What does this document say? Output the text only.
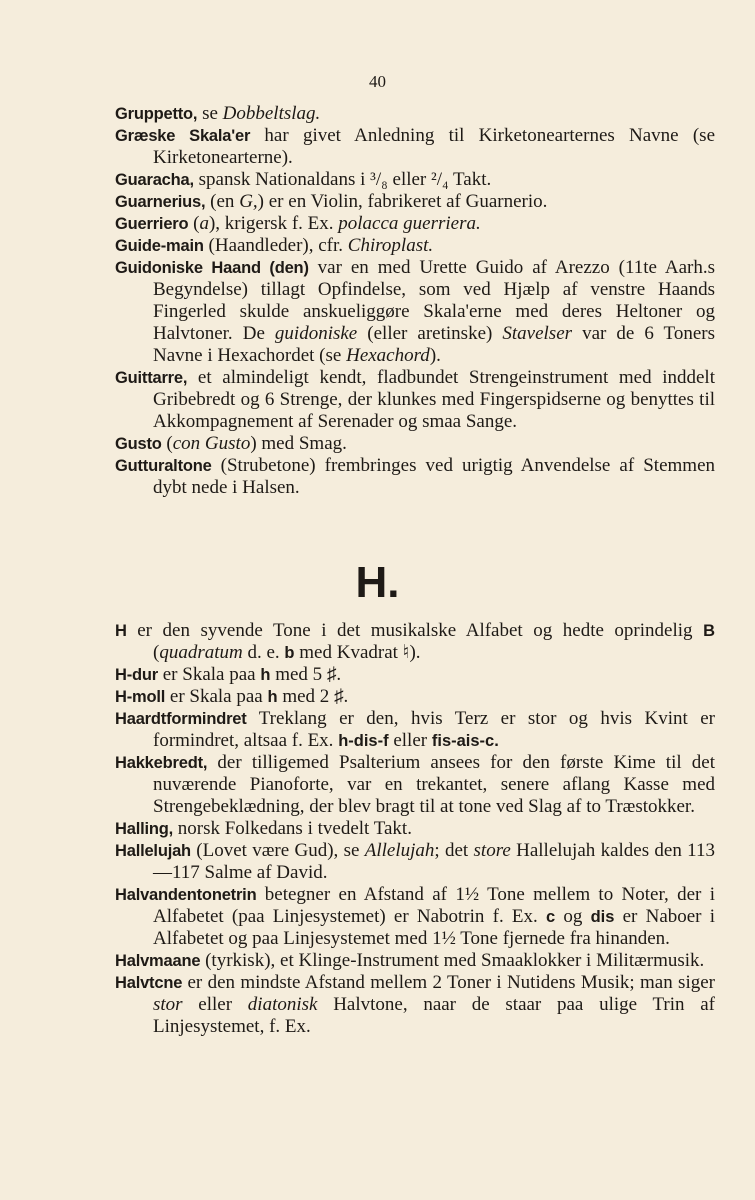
40

Gruppetto, se Dobbeltslag.

Græske Skala'er har givet Anledning til Kirketonearternes Navne (se Kirketonearterne).

Guaracha, spansk Nationaldans i ³/₈ eller ²/₄ Takt.

Guarnerius, (en G,) er en Violin, fabrikeret af Guarnerio.

Guerriero (a), krigersk f. Ex. polacca guerriera.

Guide-main (Haandleder), cfr. Chiroplast.

Guidoniske Haand (den) var en med Urette Guido af Arezzo (11te Aarh.s Begyndelse) tillagt Opfindelse, som ved Hjælp af venstre Haands Fingerled skulde anskueliggøre Skala'erne med deres Heltoner og Halvtoner. De guidoniske (eller aretinske) Stavelser var de 6 Toners Navne i Hexachordet (se Hexachord).

Guittarre, et almindeligt kendt, fladbundet Strengeinstrument med inddelt Gribebredt og 6 Strenge, der klunkes med Fingerspidserne og benyttes til Akkompagnement af Serenader og smaa Sange.

Gusto (con Gusto) med Smag.

Gutturaltone (Strubetone) frembringes ved urigtig Anvendelse af Stemmen dybt nede i Halsen.

H.

H er den syvende Tone i det musikalske Alfabet og hedte oprindelig B (quadratum d. e. b med Kvadrat ♮).

H-dur er Skala paa h med 5 ♯.

H-moll er Skala paa h med 2 ♯.

Haardtformindret Treklang er den, hvis Terz er stor og hvis Kvint er formindret, altsaa f. Ex. h-dis-f eller fis-ais-c.

Hakkebredt, der tilligemed Psalterium ansees for den første Kime til det nuværende Pianoforte, var en trekantet, senere aflang Kasse med Strengebeklædning, der blev bragt til at tone ved Slag af to Træstokker.

Halling, norsk Folkedans i tvedelt Takt.

Hallelujah (Lovet være Gud), se Allelujah; det store Hallelujah kaldes den 113—117 Salme af David.

Halvandentonetrin betegner en Afstand af 1½ Tone mellem to Noter, der i Alfabetet (paa Linjesystemet) er Nabotrin f. Ex. c og dis er Naboer i Alfabetet og paa Linjesystemet med 1½ Tone fjernede fra hinanden.

Halvmaane (tyrkisk), et Klinge-Instrument med Smaaklokker i Militærmusik.

Halvtcne er den mindste Afstand mellem 2 Toner i Nutidens Musik; man siger stor eller diatonisk Halvtone, naar de staar paa ulige Trin af Linjesystemet, f. Ex.
